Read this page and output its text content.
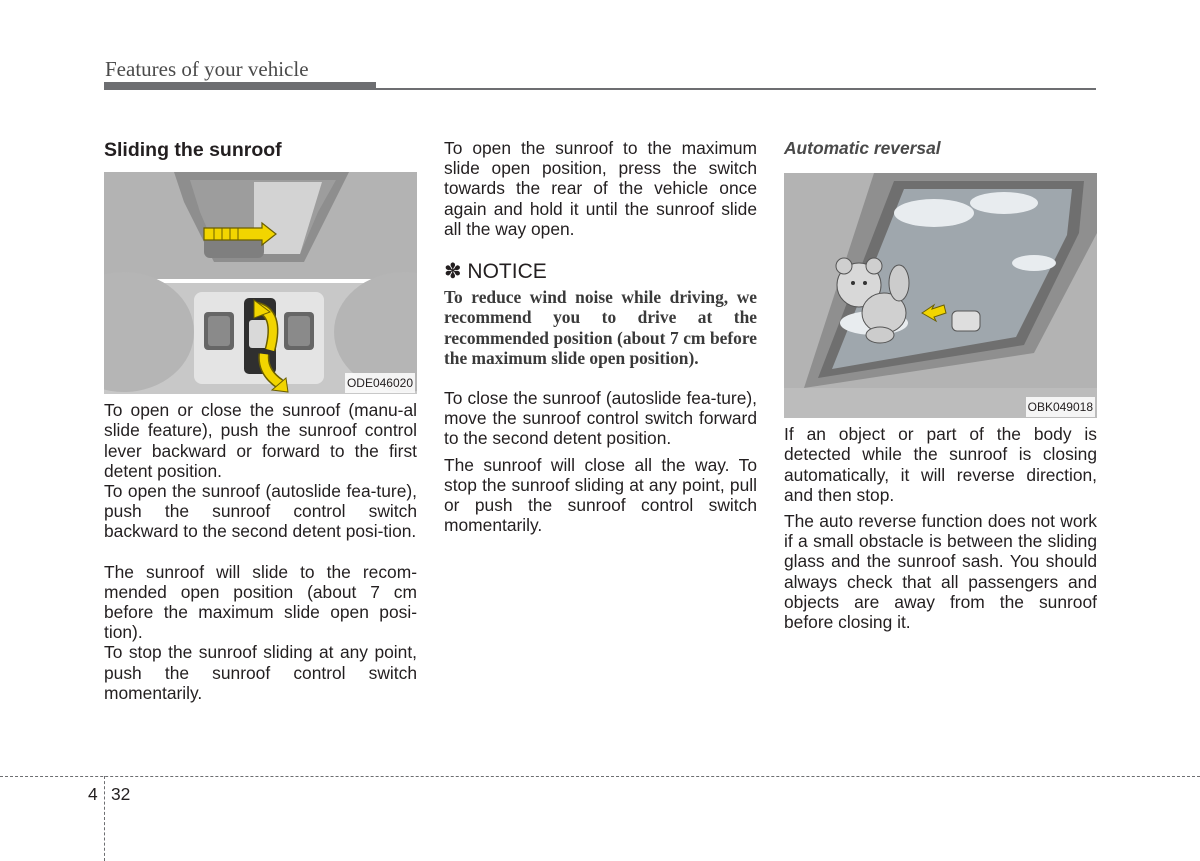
Features of your vehicle
Sliding the sunroof
ODE046020

To open or close the sunroof (manu-al slide feature), push the sunroof control lever backward or forward to the first detent position.

To open the sunroof (autoslide fea-ture), push the sunroof control switch backward to the second detent posi-tion.

The sunroof will slide to the recom-mended open position (about 7 cm before the maximum slide open posi-tion).

To stop the sunroof sliding at any point, push the sunroof control switch momentarily.

To open the sunroof to the maximum slide open position, press the switch towards the rear of the vehicle once again and hold it until the sunroof slide all the way open.

✽ NOTICE
To reduce wind noise while driving, we recommend you to drive at the recommended position (about 7 cm before the maximum slide open position).

To close the sunroof (autoslide fea-ture), move the sunroof control switch forward to the second detent position.

The sunroof will close all the way. To stop the sunroof sliding at any point, pull or push the sunroof control switch momentarily.

Automatic reversal
OBK049018

If an object or part of the body is detected while the sunroof is closing automatically, it will reverse direction, and then stop.

The auto reverse function does not work if a small obstacle is between the sliding glass and the sunroof sash. You should always check that all passengers and objects are away from the sunroof before closing it.

4 32
